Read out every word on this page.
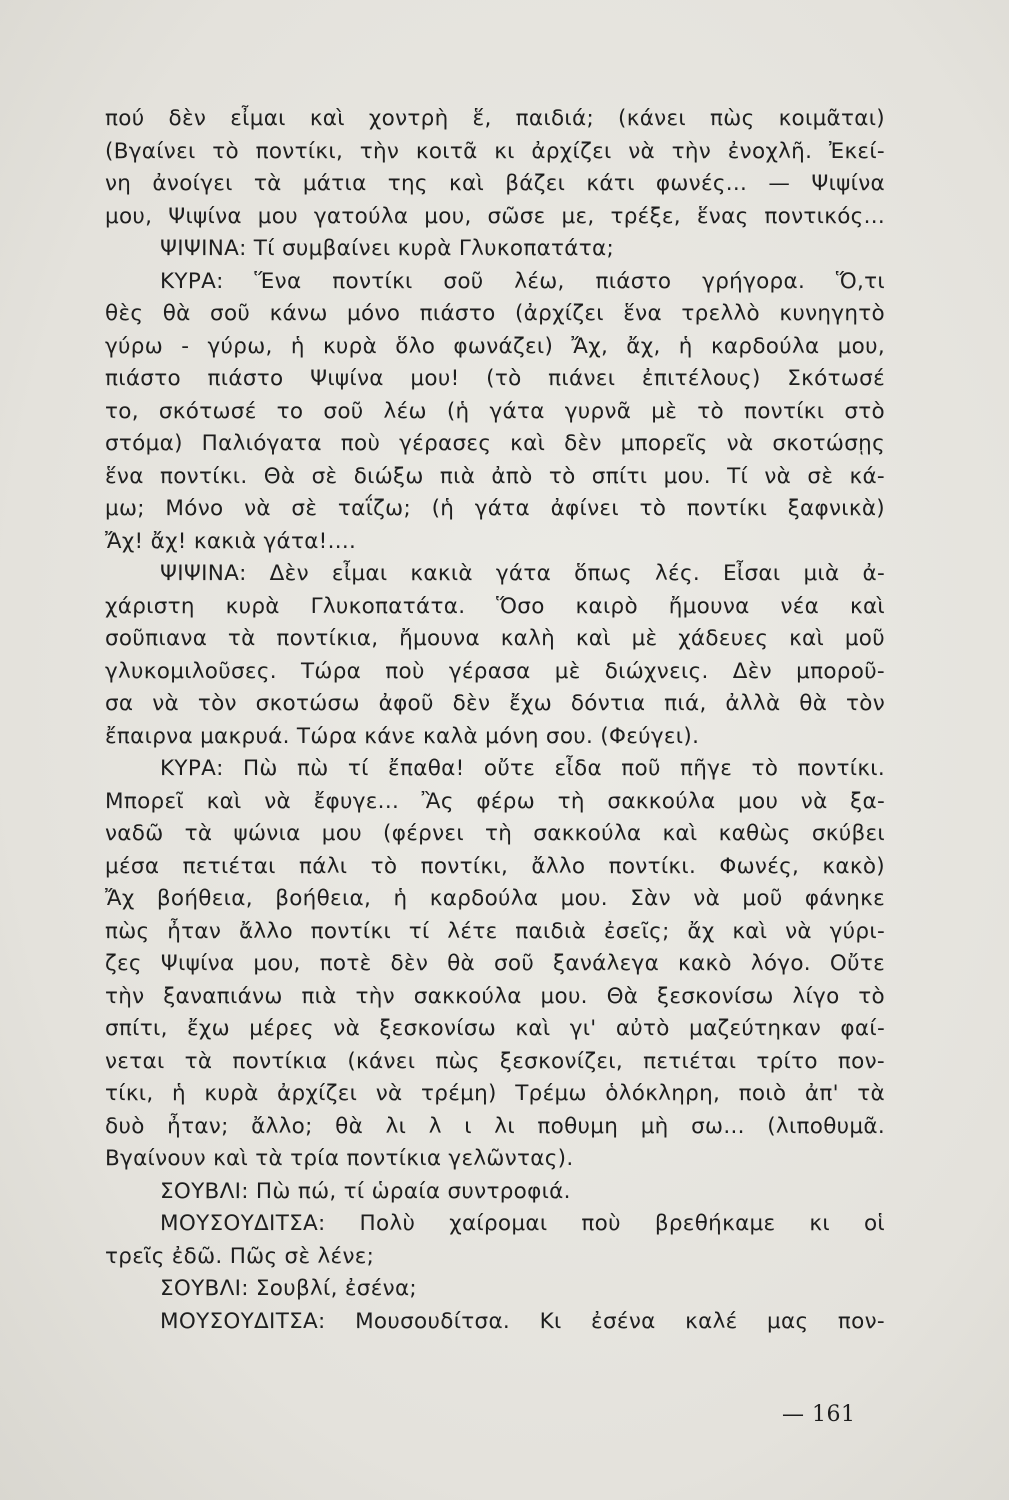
πού δὲν εἶμαι καὶ χοντρὴ ἕ, παιδιά; (κάνει πὼς κοιμᾶται)
(Βγαίνει τὸ ποντίκι, τὴν κοιτᾶ κι ἀρχίζει νὰ τὴν ἐνοχλῆ. Ἐκεί-
νη ἀνοίγει τὰ μάτια της καὶ βάζει κάτι φωνές... — Ψιψίνα
μου, Ψιψίνα μου γατούλα μου, σῶσε με, τρέξε, ἕνας ποντικός...
ΨΙΨΙΝΑ: Τί συμβαίνει κυρὰ Γλυκοπατάτα;
ΚΥΡΑ: Ἕνα ποντίκι σοῦ λέω, πιάστο γρήγορα. Ὅ,τι
θὲς θὰ σοῦ κάνω μόνο πιάστο (ἀρχίζει ἕνα τρελλὸ κυνηγητὸ
γύρω - γύρω, ἡ κυρὰ ὅλο φωνάζει) Ἄχ, ἄχ, ἡ καρδούλα μου,
πιάστο πιάστο Ψιψίνα μου! (τὸ πιάνει ἐπιτέλους) Σκότωσέ
το, σκότωσέ το σοῦ λέω (ἡ γάτα γυρνᾶ μὲ τὸ ποντίκι στὸ
στόμα) Παλιόγατα ποὺ γέρασες καὶ δὲν μπορεῖς νὰ σκοτώσῃς
ἕνα ποντίκι. Θὰ σὲ διώξω πιὰ ἀπὸ τὸ σπίτι μου. Τί νὰ σὲ κά-
μω; Μόνο νὰ σὲ ταΐζω; (ἡ γάτα ἀφίνει τὸ ποντίκι ξαφνικὰ)
Ἄχ! ἄχ! κακιὰ γάτα!....
ΨΙΨΙΝΑ: Δὲν εἶμαι κακιὰ γάτα ὅπως λές. Εἶσαι μιὰ ἀ-
χάριστη κυρὰ Γλυκοπατάτα. Ὅσο καιρὸ ἤμουνα νέα καὶ
σοῦπιανα τὰ ποντίκια, ἤμουνα καλὴ καὶ μὲ χάδευες καὶ μοῦ
γλυκομιλοῦσες. Τώρα ποὺ γέρασα μὲ διώχνεις. Δὲν μποροῦ-
σα νὰ τὸν σκοτώσω ἀφοῦ δὲν ἔχω δόντια πιά, ἀλλὰ θὰ τὸν
ἔπαιρνα μακρυά. Τώρα κάνε καλὰ μόνη σου. (Φεύγει).
ΚΥΡΑ: Πὼ πὼ τί ἔπαθα! οὔτε εἶδα ποῦ πῆγε τὸ ποντίκι.
Μπορεῖ καὶ νὰ ἔφυγε... Ἂς φέρω τὴ σακκούλα μου νὰ ξα-
ναδῶ τὰ ψώνια μου (φέρνει τὴ σακκούλα καὶ καθὼς σκύβει
μέσα πετιέται πάλι τὸ ποντίκι, ἄλλο ποντίκι. Φωνές, κακὸ)
Ἄχ βοήθεια, βοήθεια, ἡ καρδούλα μου. Σὰν νὰ μοῦ φάνηκε
πὼς ἦταν ἄλλο ποντίκι τί λέτε παιδιὰ ἐσεῖς; ἄχ καὶ νὰ γύρι-
ζες Ψιψίνα μου, ποτὲ δὲν θὰ σοῦ ξανάλεγα κακὸ λόγο. Οὔτε
τὴν ξαναπιάνω πιὰ τὴν σακκούλα μου. Θὰ ξεσκονίσω λίγο τὸ
σπίτι, ἔχω μέρες νὰ ξεσκονίσω καὶ γι' αὐτὸ μαζεύτηκαν φαί-
νεται τὰ ποντίκια (κάνει πὼς ξεσκονίζει, πετιέται τρίτο πον-
τίκι, ἡ κυρὰ ἀρχίζει νὰ τρέμη) Τρέμω ὁλόκληρη, ποιὸ ἀπ' τὰ
δυὸ ἦταν; ἄλλο; θὰ λι λ ι λι ποθυμη μὴ σω... (λιποθυμᾶ.
Βγαίνουν καὶ τὰ τρία ποντίκια γελῶντας).
ΣΟΥΒΛΙ: Πὼ πώ, τί ὡραία συντροφιά.
ΜΟΥΣΟΥΔΙΤΣΑ: Πολὺ χαίρομαι ποὺ βρεθήκαμε κι οἱ
τρεῖς ἐδῶ. Πῶς σὲ λένε;
ΣΟΥΒΛΙ: Σουβλί, ἐσένα;
ΜΟΥΣΟΥΔΙΤΣΑ: Μουσουδίτσα. Κι ἐσένα καλέ μας πον-
— 161
